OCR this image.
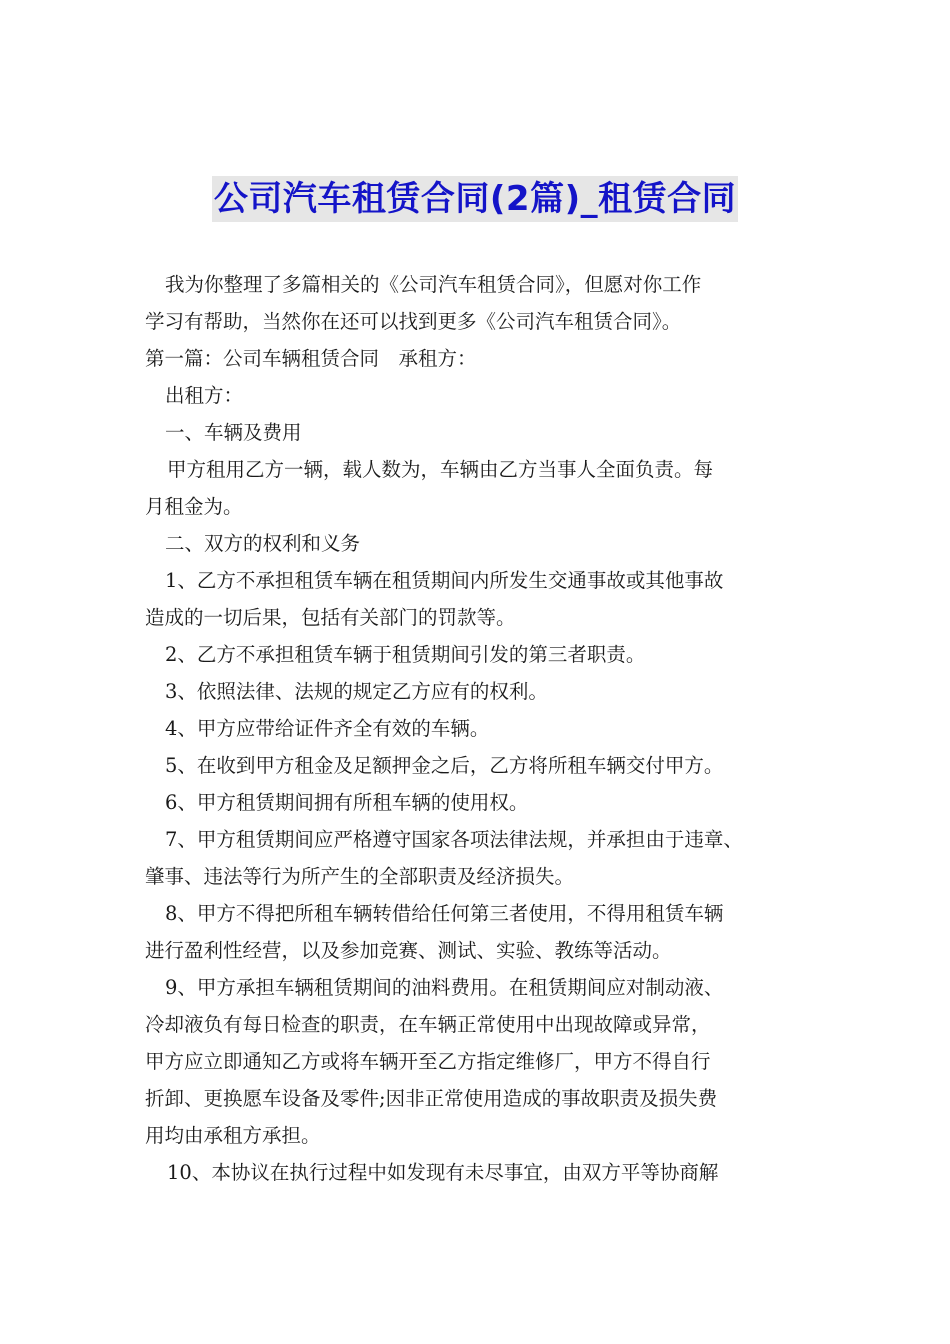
公司汽车租赁合同(2篇)_租赁合同
我为你整理了多篇相关的《公司汽车租赁合同》，但愿对你工作
学习有帮助，当然你在还可以找到更多《公司汽车租赁合同》。
第一篇：公司车辆租赁合同　承租方：
出租方：
一、车辆及费用
甲方租用乙方一辆，载人数为，车辆由乙方当事人全面负责。每
月租金为。
二、双方的权利和义务
1、乙方不承担租赁车辆在租赁期间内所发生交通事故或其他事故
造成的一切后果，包括有关部门的罚款等。
2、乙方不承担租赁车辆于租赁期间引发的第三者职责。
3、依照法律、法规的规定乙方应有的权利。
4、甲方应带给证件齐全有效的车辆。
5、在收到甲方租金及足额押金之后，乙方将所租车辆交付甲方。
6、甲方租赁期间拥有所租车辆的使用权。
7、甲方租赁期间应严格遵守国家各项法律法规，并承担由于违章、
肇事、违法等行为所产生的全部职责及经济损失。
8、甲方不得把所租车辆转借给任何第三者使用，不得用租赁车辆
进行盈利性经营，以及参加竞赛、测试、实验、教练等活动。
9、甲方承担车辆租赁期间的油料费用。在租赁期间应对制动液、
冷却液负有每日检查的职责，在车辆正常使用中出现故障或异常，
甲方应立即通知乙方或将车辆开至乙方指定维修厂，甲方不得自行
折卸、更换愿车设备及零件;因非正常使用造成的事故职责及损失费
用均由承租方承担。
10、本协议在执行过程中如发现有未尽事宜，由双方平等协商解
